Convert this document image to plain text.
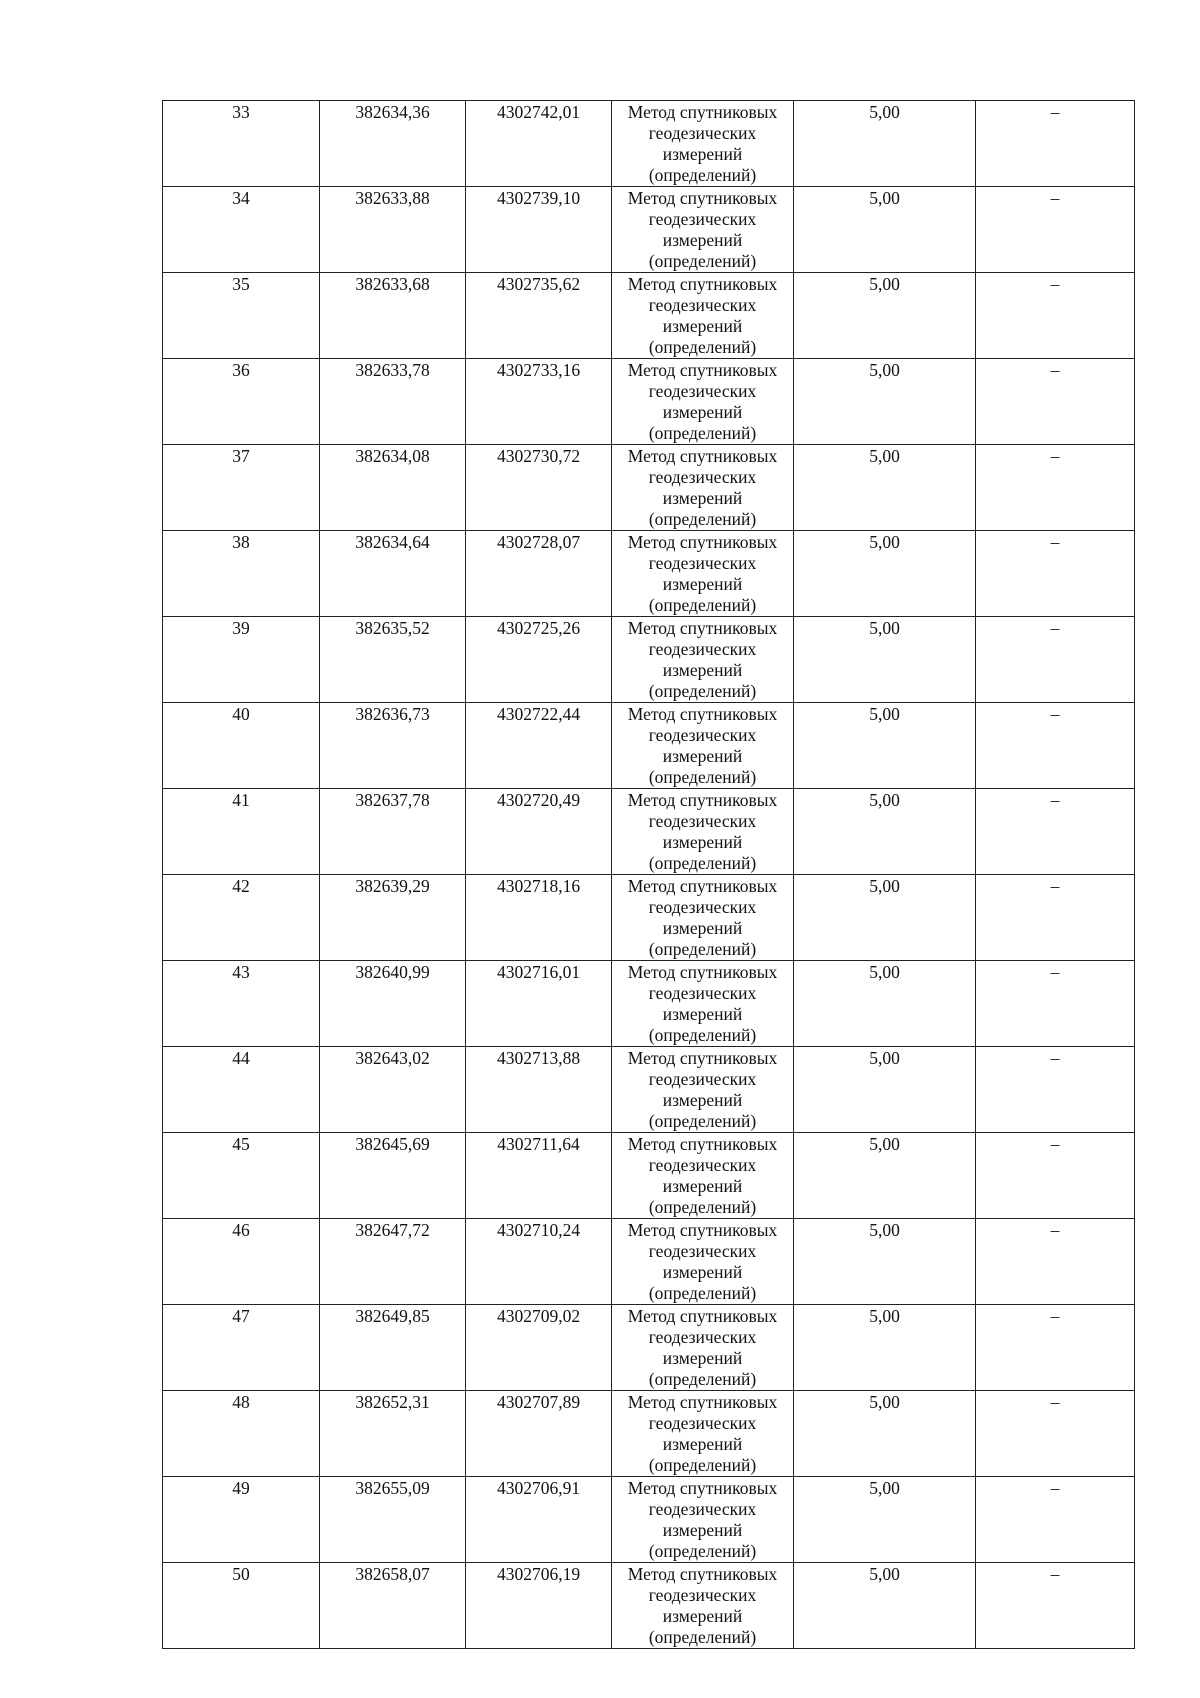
33	382634,36	4302742,01	Метод спутниковых геодезических измерений (определений)	5,00	–

34	382633,88	4302739,10	Метод спутниковых геодезических измерений (определений)	5,00	–

35	382633,68	4302735,62	Метод спутниковых геодезических измерений (определений)	5,00	–

36	382633,78	4302733,16	Метод спутниковых геодезических измерений (определений)	5,00	–

37	382634,08	4302730,72	Метод спутниковых геодезических измерений (определений)	5,00	–

38	382634,64	4302728,07	Метод спутниковых геодезических измерений (определений)	5,00	–

39	382635,52	4302725,26	Метод спутниковых геодезических измерений (определений)	5,00	–

40	382636,73	4302722,44	Метод спутниковых геодезических измерений (определений)	5,00	–

41	382637,78	4302720,49	Метод спутниковых геодезических измерений (определений)	5,00	–

42	382639,29	4302718,16	Метод спутниковых геодезических измерений (определений)	5,00	–

43	382640,99	4302716,01	Метод спутниковых геодезических измерений (определений)	5,00	–

44	382643,02	4302713,88	Метод спутниковых геодезических измерений (определений)	5,00	–

45	382645,69	4302711,64	Метод спутниковых геодезических измерений (определений)	5,00	–

46	382647,72	4302710,24	Метод спутниковых геодезических измерений (определений)	5,00	–

47	382649,85	4302709,02	Метод спутниковых геодезических измерений (определений)	5,00	–

48	382652,31	4302707,89	Метод спутниковых геодезических измерений (определений)	5,00	–

49	382655,09	4302706,91	Метод спутниковых геодезических измерений (определений)	5,00	–

50	382658,07	4302706,19	Метод спутниковых геодезических измерений (определений)	5,00	–
